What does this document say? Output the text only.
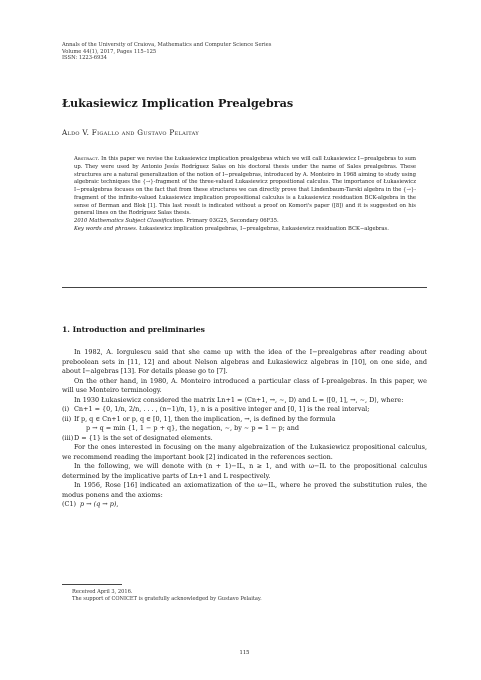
Annals of the University of Craiova, Mathematics and Computer Science Series
Volume 44(1), 2017, Pages 115–125
ISSN: 1223-6934
Łukasiewicz Implication Prealgebras
Aldo V. Figallo and Gustavo Pelaitay

Abstract. In this paper we revise the Łukasiewicz implication prealgebras which we will call Łukasiewicz I−prealgebras to sum up. They were used by Antonio Jesús Rodríguez Salas on his doctoral thesis under the name of Sales prealgebras. These structures are a natural generalization of the notion of I−prealgebras, introduced by A. Monteiro in 1968 aiming to study using algebraic techniques the {→}-fragment of the three-valued Łukasiewicz propositional calculus. The importance of Łukasiewicz I−prealgebras focuses on the fact that from these structures we can directly prove that Lindenbaum-Tarski algebra in the {→}-fragment of the infinite-valued Łukasiewicz implication propositional calculus is a Łukasiewicz residuation BCK-algebra in the sense of Berman and Blok [1]. This last result is indicated without a proof on Komori's paper ([8]) and it is suggested on his general lines on the Rodríguez Salas thesis.

2010 Mathematics Subject Classification. Primary 03G25, Secondary 06F35.

Key words and phrases. Łukasiewicz implication prealgebras, I−prealgebras, Łukasiewicz residuation BCK−algebras.

1. Introduction and preliminaries

In 1982, A. Iorgulescu said that she came up with the idea of the I−prealgebras after reading about preboolean sets in [11, 12] and about Nelson algebras and Łukasiewicz algebras in [10], on one side, and about I−algebras [13]. For details please go to [7].

On the other hand, in 1980, A. Monteiro introduced a particular class of I-prealgebras. In this paper, we will use Monteiro terminology.

In 1930 Łukasiewicz considered the matrix Ln+1 = ⟨Cn+1, →, ∼, D⟩ and L = ⟨[0, 1], →, ∼, D⟩, where:

(i) Cn+1 = {0, 1/n, 2/n, . . . , (n−1)/n, 1}, n is a positive integer and [0, 1] is the real interval;
(ii) If p, q ∈ Cn+1 or p, q ∈ [0, 1], then the implication, →, is defined by the formula
p → q = min {1, 1 − p + q}, the negation, ∼, by ∼ p = 1 − p; and
(iii) D = {1} is the set of designated elements.

For the ones interested in focusing on the many algebraization of the Łukasiewicz propositional calculus, we recommend reading the important book [2] indicated in the references section.

In the following, we will denote with (n + 1)−IL, n ≥ 1, and with ω−IL to the propositional calculus determined by the implicative parts of Ln+1 and L respectively.

In 1956, Rose [16] indicated an axiomatization of the ω−IL, where he proved the substitution rules, the modus ponens and the axioms:

(C1) p → (q → p),
Received April 3, 2016.
The support of CONICET is gratefully acknowledged by Gustavo Pelaitay.
115
